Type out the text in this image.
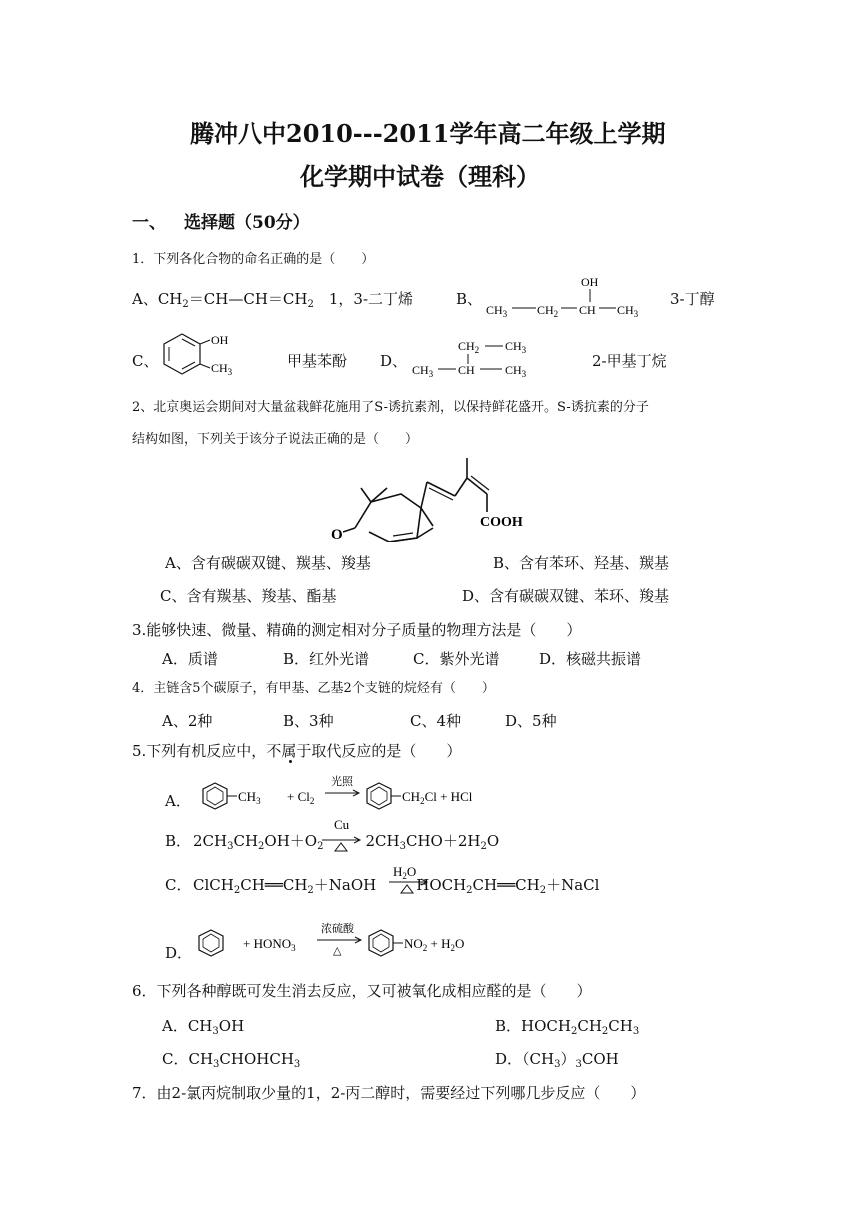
腾冲八中2010---2011学年高二年级上学期
化学期中试卷（理科）
一、 选择题（50分）
1．下列各化合物的命名正确的是（　　）
A、$CH_2=CH—CH=CH_2$　 1，3-二丁烯	B、
OH
$CH_3$ $CH_2$ CH $CH_3$
3-丁醇
C、
OH
$CH_3$
甲基苯酚 D、
$CH_2$ $CH_3$
$CH_3$ CH	$CH_3$
2-甲基丁烷
2、北京奥运会期间对大量盆栽鲜花施用了S-诱抗素剂，以保持鲜花盛开。S-诱抗素的分子
结构如图，下列关于该分子说法正确的是（　　）
O
COOH
A、含有碳碳双键、羰基、羧基	B、含有苯环、羟基、羰基
C、含有羰基、羧基、酯基	D、含有碳碳双键、苯环、羧基
3.能够快速、微量、精确的测定相对分子质量的物理方法是（　　）
A．质谱	B．红外光谱	C．紫外光谱	D．核磁共振谱
4．主链含5个碳原子，有甲基、乙基2个支链的烷烃有（　　）
A、2种	B、3种	C、4种	D、5种
5.下列有机反应中，不属于取代反应的是（　　）
A．	$CH_3 + Cl_2$
光照
$CH_2Cl$ + HCl
B． $2CH_3CH_2OH+O_2$	$2CH_3CHO+2H_2O$
Cu
C． $ClCH_2CH══CH_2+NaOH$	$HOCH_2CH══CH_2+NaCl$
$H_2O$
D．
+ $HONO_3$
浓硫酸
△	$NO_2 + H_2O$
6．下列各种醇既可发生消去反应，又可被氧化成相应醛的是（　　）
A．$CH_3OH$	B．$HOCH_2CH_2CH_3$
C．$CH_3CHOHCH_3$	D．$(CH_3)_3COH$
7．由2-氯丙烷制取少量的1，2-丙二醇时，需要经过下列哪几步反应（　　）
